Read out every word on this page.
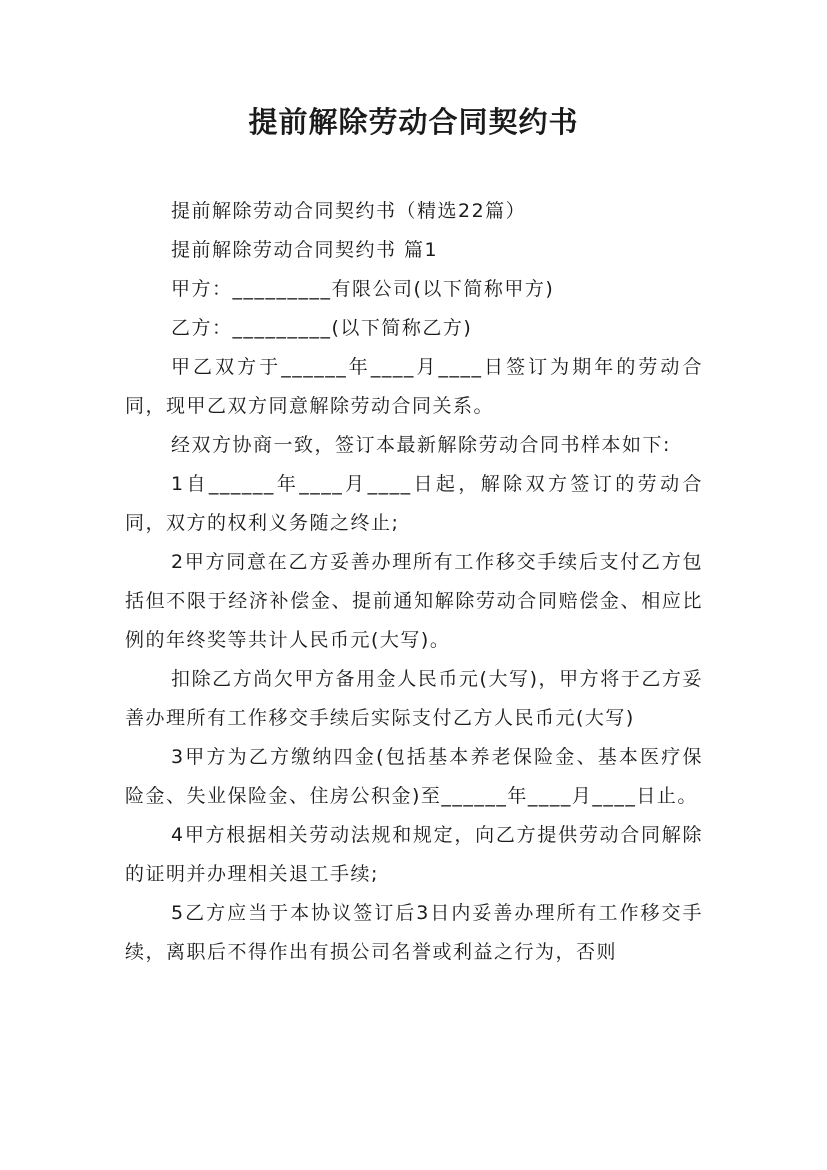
提前解除劳动合同契约书

提前解除劳动合同契约书（精选22篇）

提前解除劳动合同契约书 篇1

甲方：_________有限公司(以下简称甲方)

乙方：_________(以下简称乙方)

甲乙双方于______年____月____日签订为期年的劳动合同，现甲乙双方同意解除劳动合同关系。

经双方协商一致，签订本最新解除劳动合同书样本如下:

1自______年____月____日起，解除双方签订的劳动合同，双方的权利义务随之终止;

2甲方同意在乙方妥善办理所有工作移交手续后支付乙方包括但不限于经济补偿金、提前通知解除劳动合同赔偿金、相应比例的年终奖等共计人民币元(大写)。

扣除乙方尚欠甲方备用金人民币元(大写)，甲方将于乙方妥善办理所有工作移交手续后实际支付乙方人民币元(大写)

3甲方为乙方缴纳四金(包括基本养老保险金、基本医疗保险金、失业保险金、住房公积金)至______年____月____日止。

4甲方根据相关劳动法规和规定，向乙方提供劳动合同解除的证明并办理相关退工手续;

5乙方应当于本协议签订后3日内妥善办理所有工作移交手续，离职后不得作出有损公司名誉或利益之行为，否则
